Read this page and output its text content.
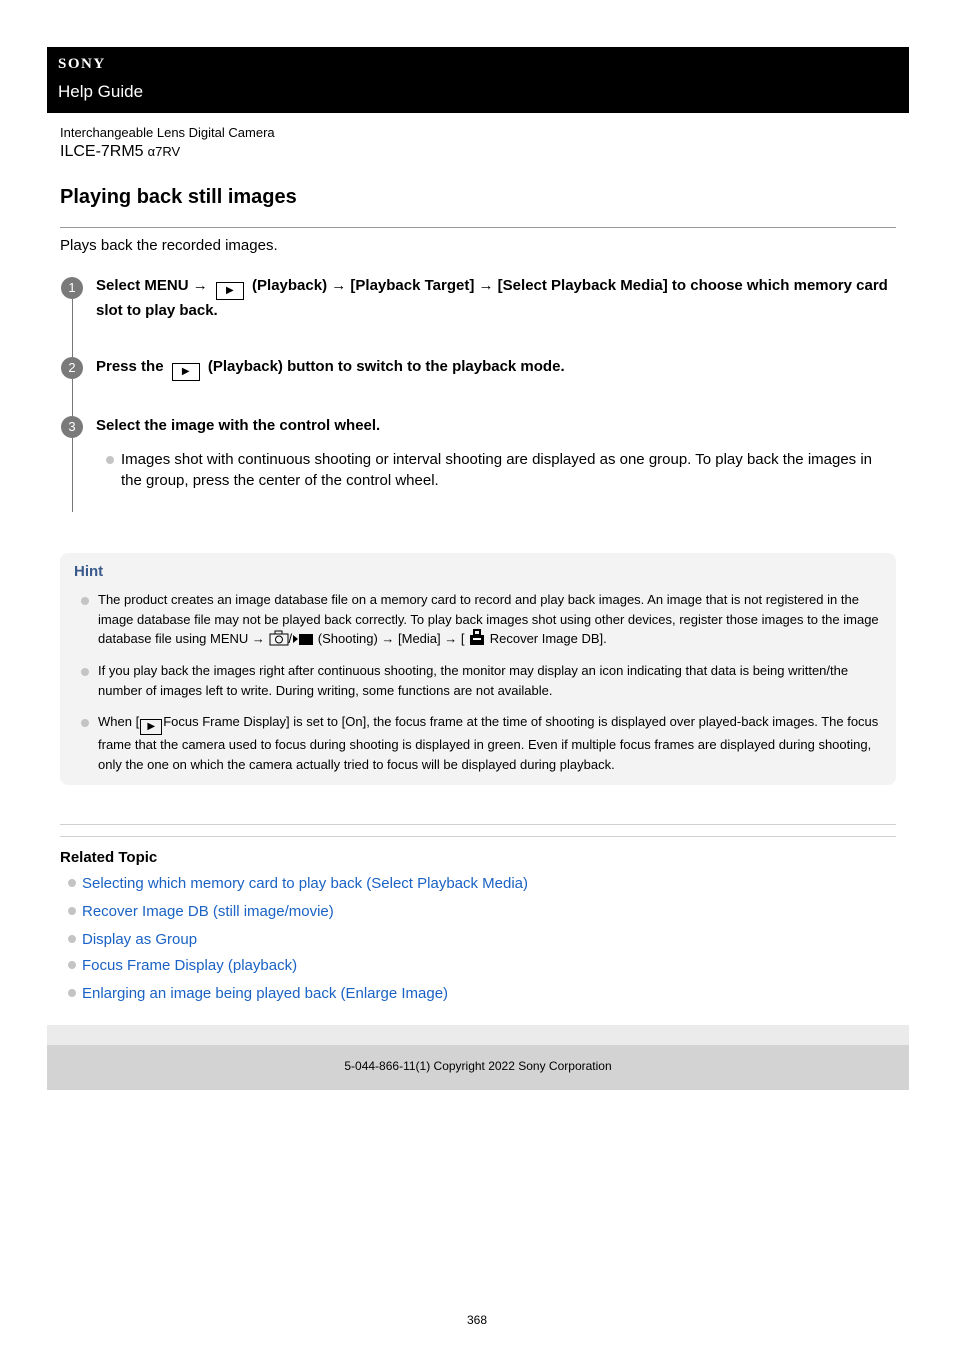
SONY
Help Guide
Interchangeable Lens Digital Camera
ILCE-7RM5 α7RV
Playing back still images
Plays back the recorded images.
1	Select MENU → ▶ (Playback) → [Playback Target] → [Select Playback Media] to choose which memory card slot to play back.
2	Press the ▶ (Playback) button to switch to the playback mode.
3	Select the image with the control wheel.
Images shot with continuous shooting or interval shooting are displayed as one group. To play back the images in the group, press the center of the control wheel.
Hint
The product creates an image database file on a memory card to record and play back images. An image that is not registered in the image database file may not be played back correctly. To play back images shot using other devices, register those images to the image database file using MENU → / (Shooting) → [Media] → [ Recover Image DB].
If you play back the images right after continuous shooting, the monitor may display an icon indicating that data is being written/the number of images left to write. During writing, some functions are not available.
When [ ▶ Focus Frame Display] is set to [On], the focus frame at the time of shooting is displayed over played-back images. The focus frame that the camera used to focus during shooting is displayed in green. Even if multiple focus frames are displayed during shooting, only the one on which the camera actually tried to focus will be displayed during playback.
Related Topic
Selecting which memory card to play back (Select Playback Media)
Recover Image DB (still image/movie)
Display as Group
Focus Frame Display (playback)
Enlarging an image being played back (Enlarge Image)
5-044-866-11(1) Copyright 2022 Sony Corporation
368
